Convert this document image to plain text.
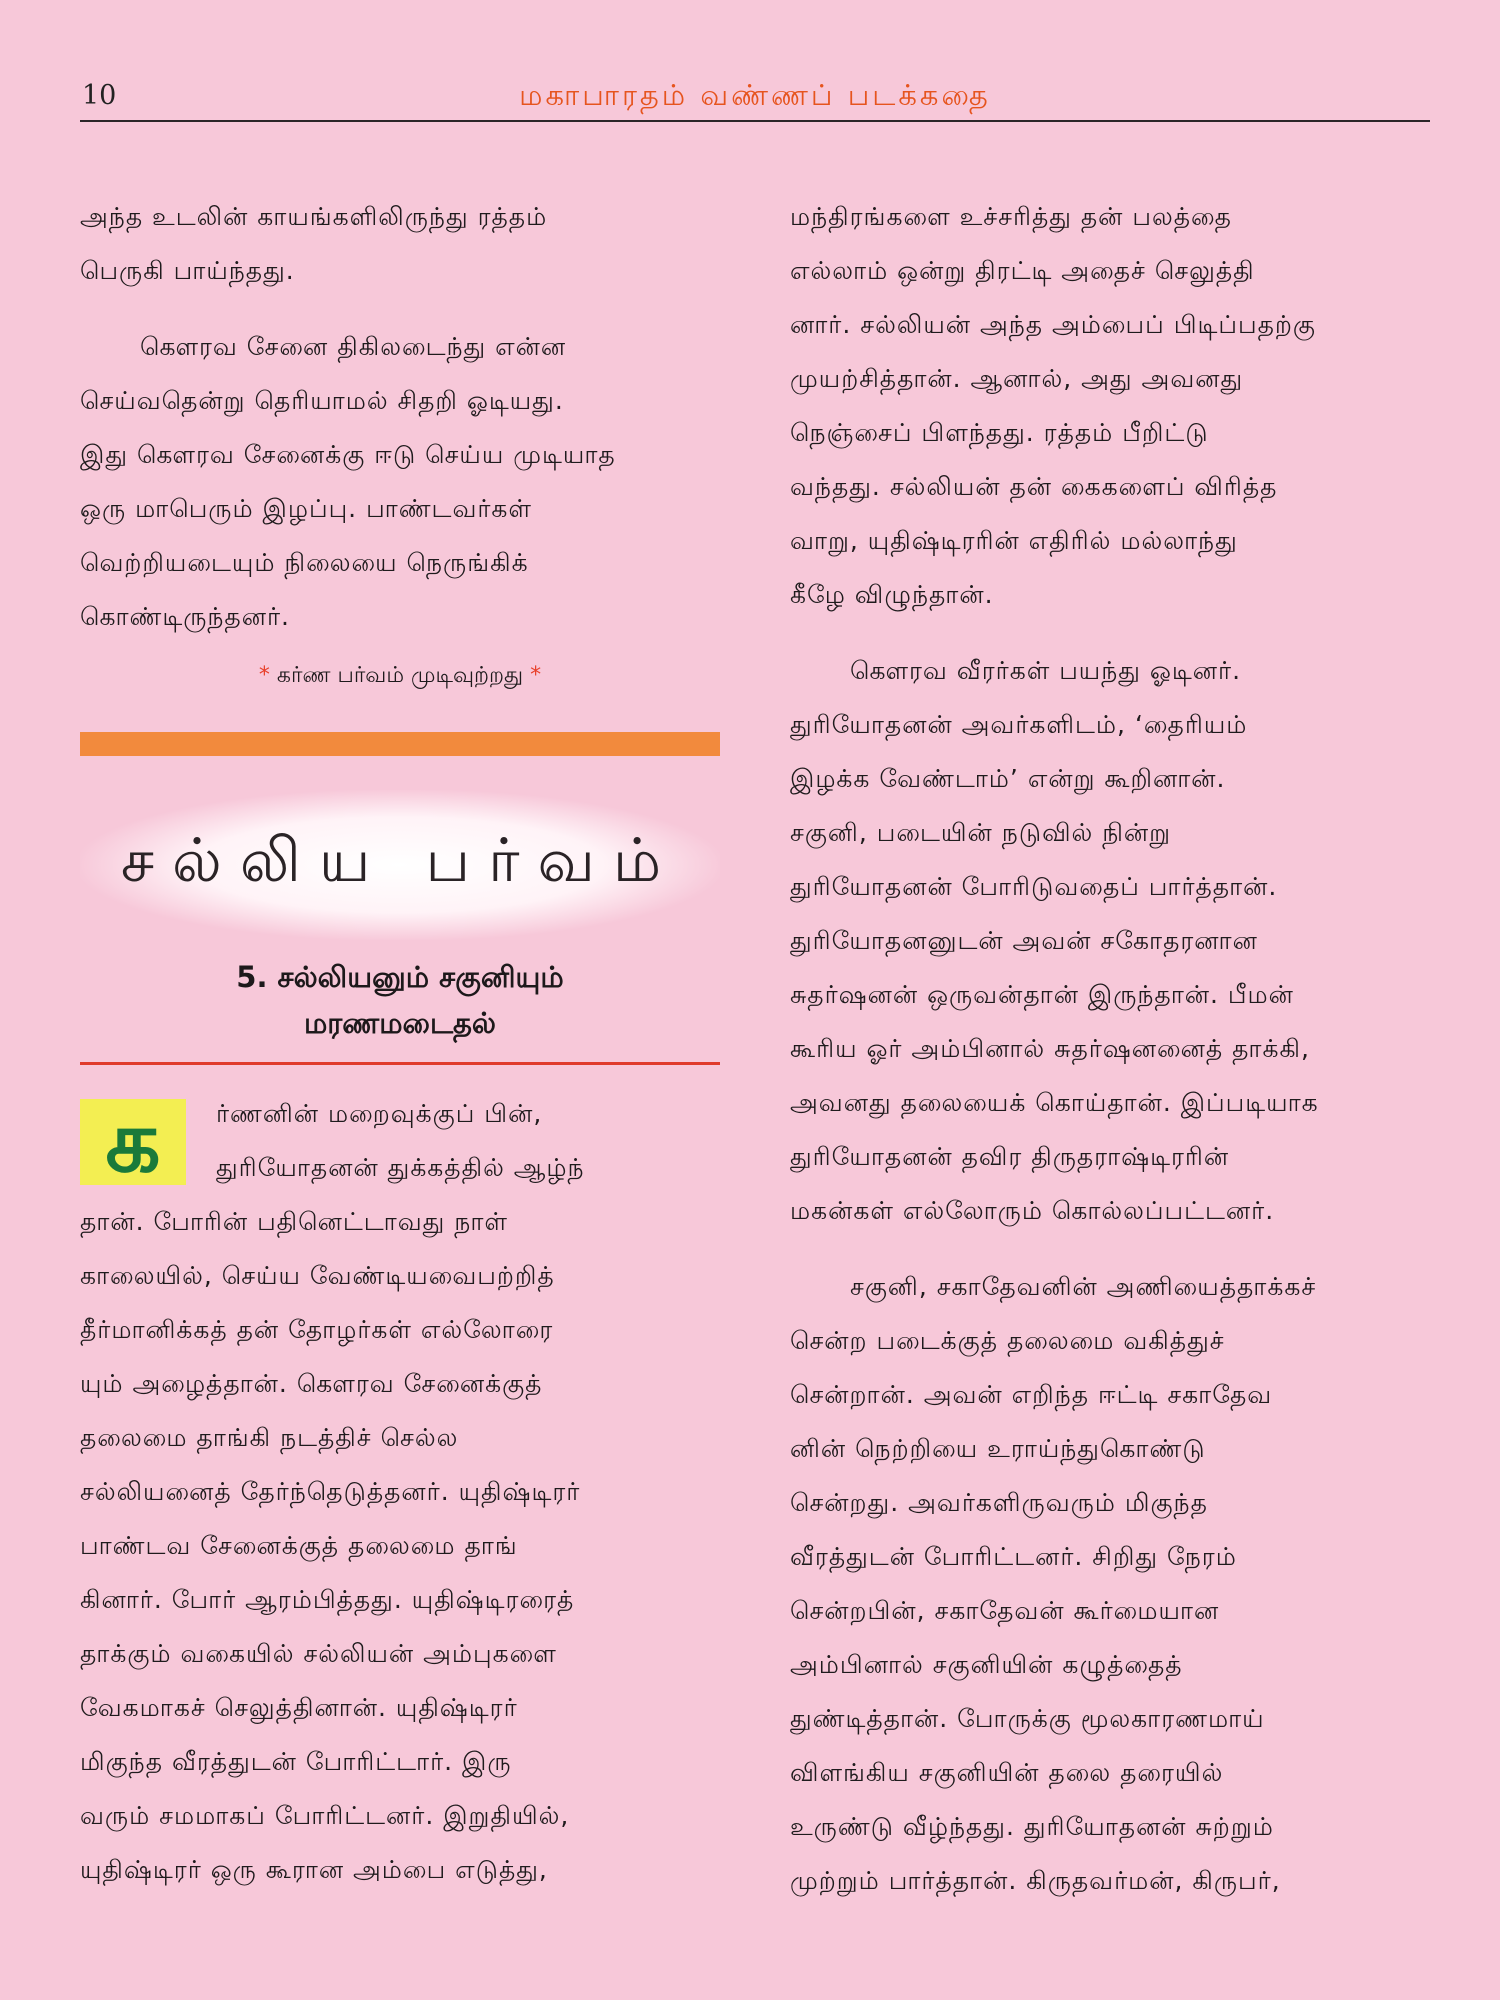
10	மகாபாரதம் வண்ணப் படக்கதை
அந்த உடலின் காயங்களிலிருந்து ரத்தம்
பெருகி பாய்ந்தது.
கௌரவ சேனை திகிலடைந்து என்ன
செய்வதென்று தெரியாமல் சிதறி ஓடியது.
இது கௌரவ சேனைக்கு ஈடு செய்ய முடியாத
ஒரு மாபெரும் இழப்பு. பாண்டவர்கள்
வெற்றியடையும் நிலையை நெருங்கிக்
கொண்டிருந்தனர்.
* கர்ண பர்வம் முடிவுற்றது *
சல்லிய பர்வம்
5. சல்லியனும் சகுனியும்
மரணமடைதல்
க	ர்ணனின் மறைவுக்குப் பின்,
துரியோதனன் துக்கத்தில் ஆழ்ந்
தான். போரின் பதினெட்டாவது நாள்
காலையில், செய்ய வேண்டியவைபற்றித்
தீர்மானிக்கத் தன் தோழர்கள் எல்லோரை
யும் அழைத்தான். கௌரவ சேனைக்குத்
தலைமை தாங்கி நடத்திச் செல்ல
சல்லியனைத் தேர்ந்தெடுத்தனர். யுதிஷ்டிரர்
பாண்டவ சேனைக்குத் தலைமை தாங்
கினார். போர் ஆரம்பித்தது. யுதிஷ்டிரரைத்
தாக்கும் வகையில் சல்லியன் அம்புகளை
வேகமாகச் செலுத்தினான். யுதிஷ்டிரர்
மிகுந்த வீரத்துடன் போரிட்டார். இரு
வரும் சமமாகப் போரிட்டனர். இறுதியில்,
யுதிஷ்டிரர் ஒரு கூரான அம்பை எடுத்து,
மந்திரங்களை உச்சரித்து தன் பலத்தை
எல்லாம் ஒன்று திரட்டி அதைச் செலுத்தி
னார். சல்லியன் அந்த அம்பைப் பிடிப்பதற்கு
முயற்சித்தான். ஆனால், அது அவனது
நெஞ்சைப் பிளந்தது. ரத்தம் பீறிட்டு
வந்தது. சல்லியன் தன் கைகளைப் விரித்த
வாறு, யுதிஷ்டிரரின் எதிரில் மல்லாந்து
கீழே விழுந்தான்.
கௌரவ வீரர்கள் பயந்து ஓடினர்.
துரியோதனன் அவர்களிடம், ‘தைரியம்
இழக்க வேண்டாம்’ என்று கூறினான்.
சகுனி, படையின் நடுவில் நின்று
துரியோதனன் போரிடுவதைப் பார்த்தான்.
துரியோதனனுடன் அவன் சகோதரனான
சுதர்ஷனன் ஒருவன்தான் இருந்தான். பீமன்
கூரிய ஓர் அம்பினால் சுதர்ஷனனைத் தாக்கி,
அவனது தலையைக் கொய்தான். இப்படியாக
துரியோதனன் தவிர திருதராஷ்டிரரின்
மகன்கள் எல்லோரும் கொல்லப்பட்டனர்.
சகுனி, சகாதேவனின் அணியைத்தாக்கச்
சென்ற படைக்குத் தலைமை வகித்துச்
சென்றான். அவன் எறிந்த ஈட்டி சகாதேவ
னின் நெற்றியை உராய்ந்துகொண்டு
சென்றது. அவர்களிருவரும் மிகுந்த
வீரத்துடன் போரிட்டனர். சிறிது நேரம்
சென்றபின், சகாதேவன் கூர்மையான
அம்பினால் சகுனியின் கழுத்தைத்
துண்டித்தான். போருக்கு மூலகாரணமாய்
விளங்கிய சகுனியின் தலை தரையில்
உருண்டு வீழ்ந்தது. துரியோதனன் சுற்றும்
முற்றும் பார்த்தான். கிருதவர்மன், கிருபர்,
